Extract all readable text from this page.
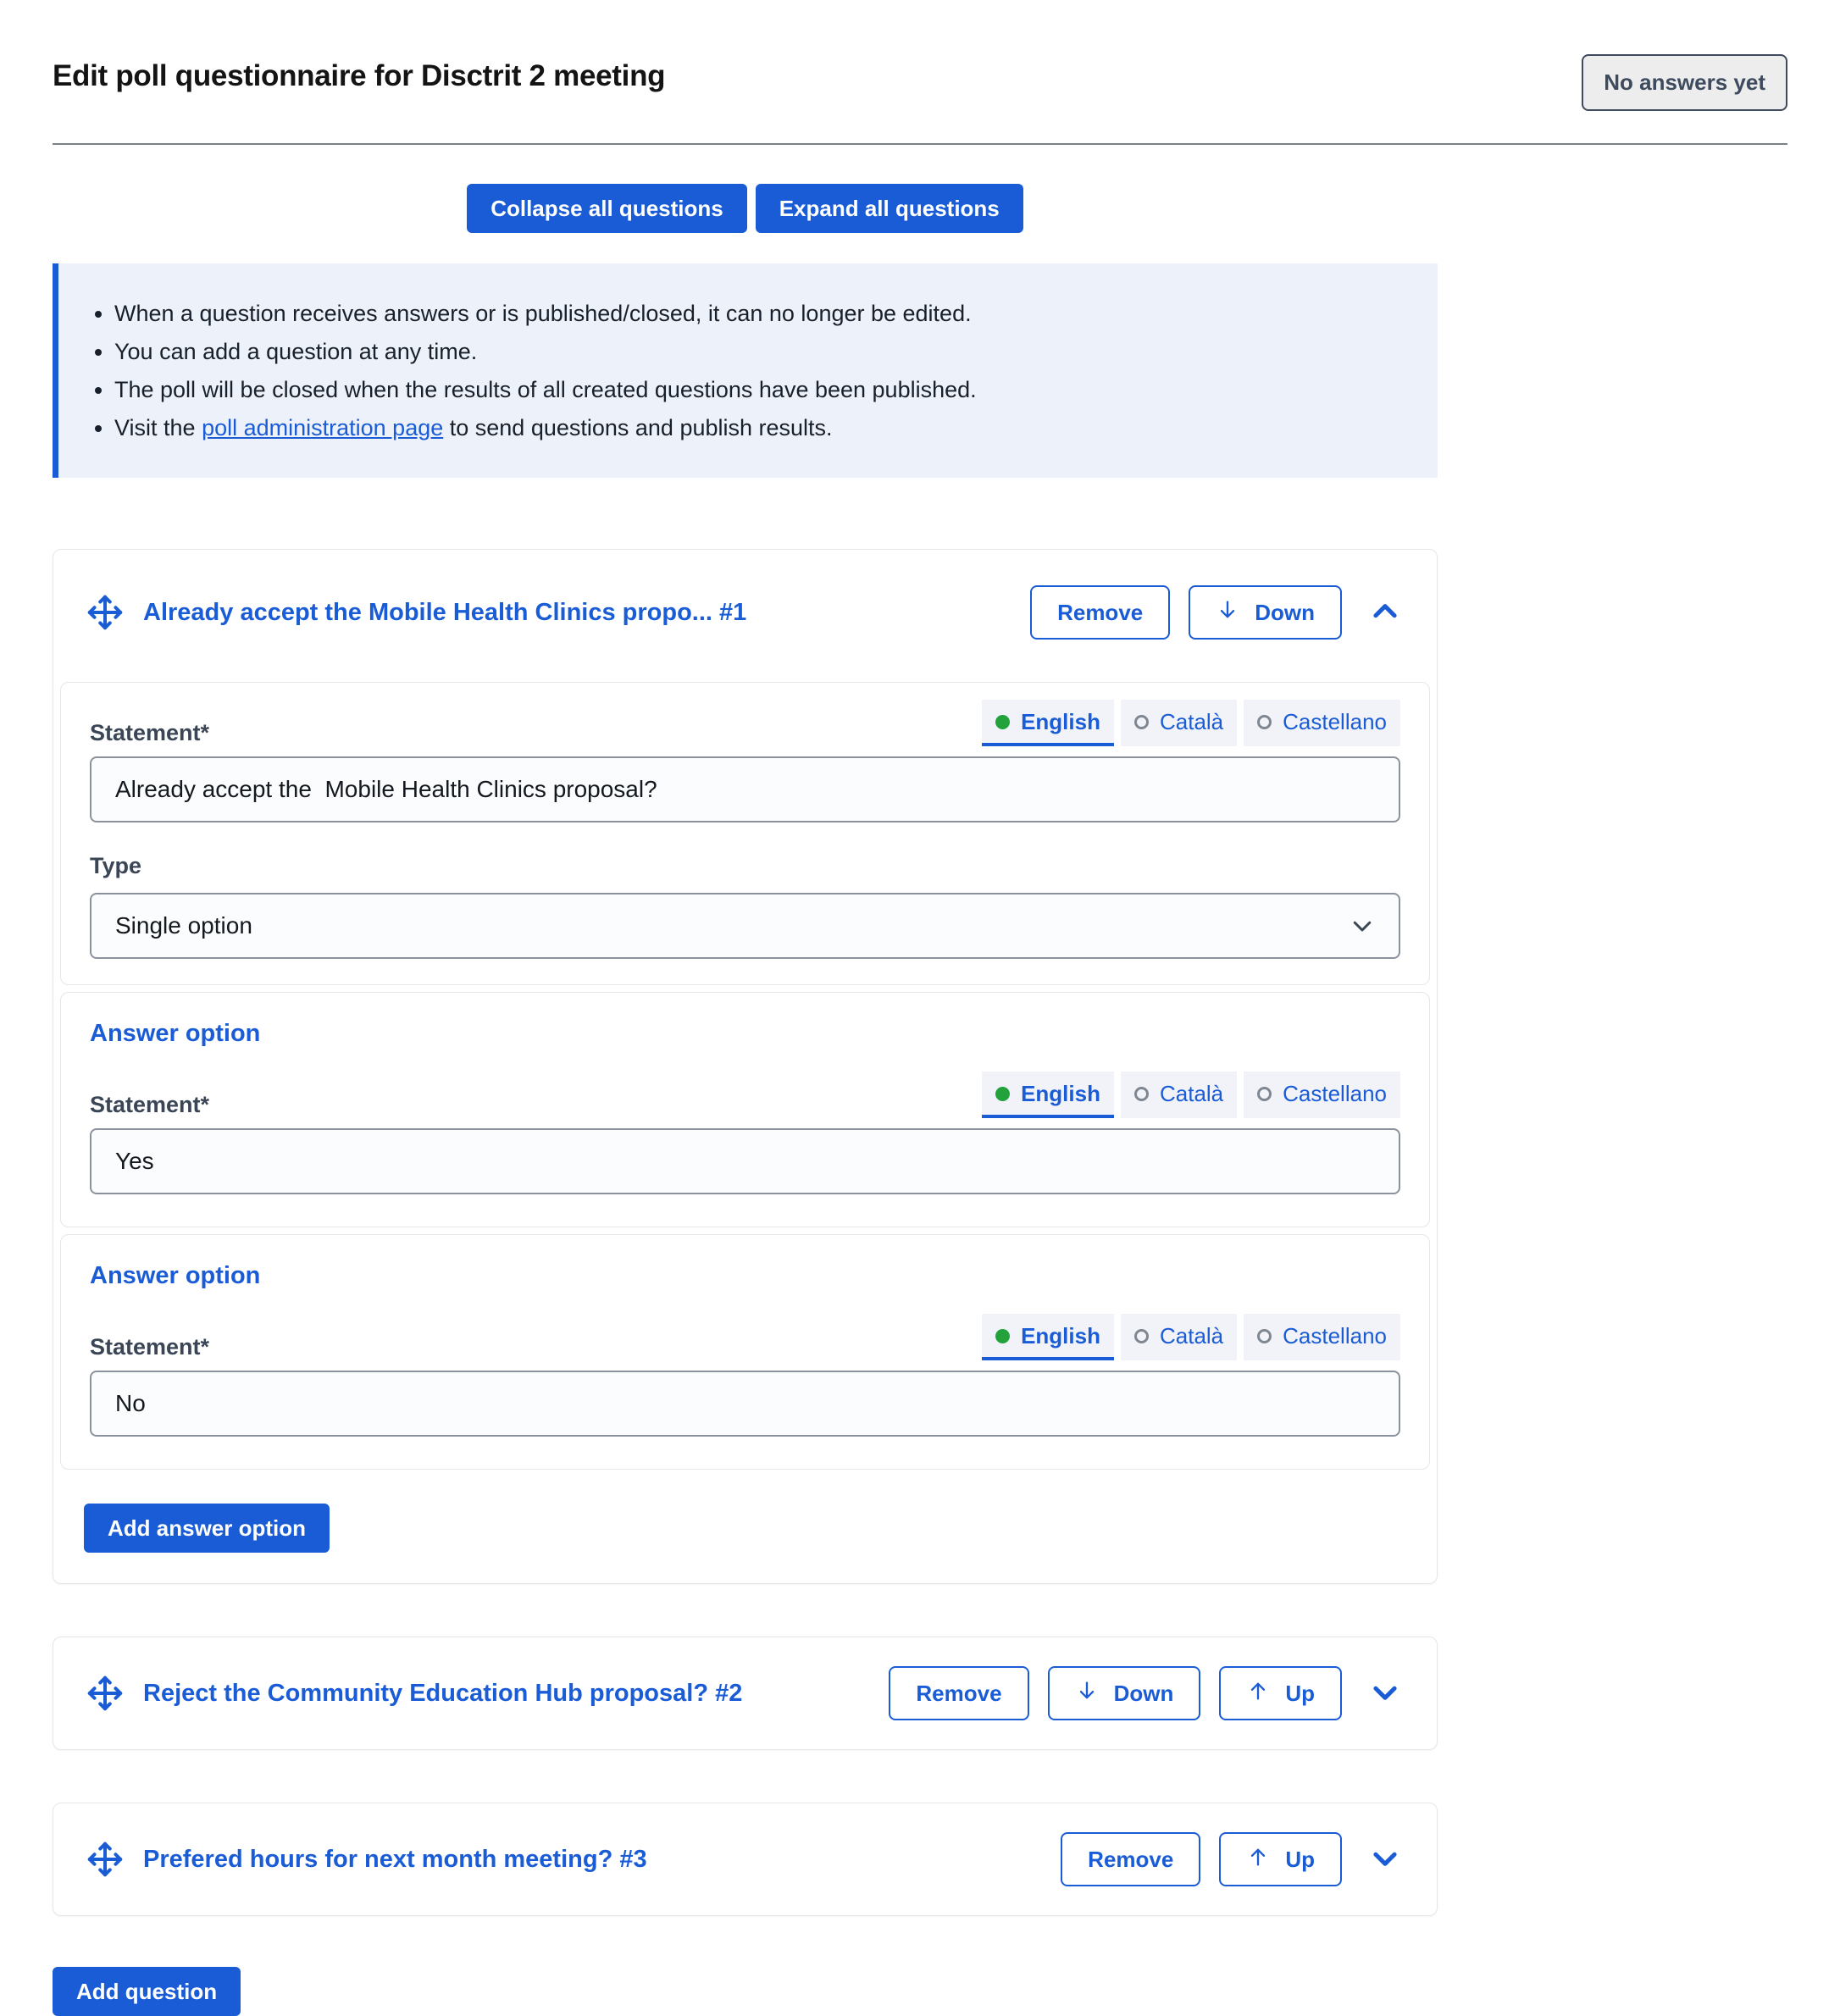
Edit poll questionnaire for Disctrit 2 meeting	No answers yet
Collapse all questions	Expand all questions
• When a question receives answers or is published/closed, it can no longer be edited.
• You can add a question at any time.
• The poll will be closed when the results of all created questions have been published.
• Visit the poll administration page to send questions and publish results.
Already accept the Mobile Health Clinics propo... #1	Remove	Down
Statement*	English	Català	Castellano
Already accept the Mobile Health Clinics proposal?
Type
Single option
Answer option
Statement*	English	Català	Castellano
Yes
Answer option
Statement*	English	Català	Castellano
No
Add answer option
Reject the Community Education Hub proposal? #2	Remove	Down	Up
Prefered hours for next month meeting? #3	Remove	Up
Add question
